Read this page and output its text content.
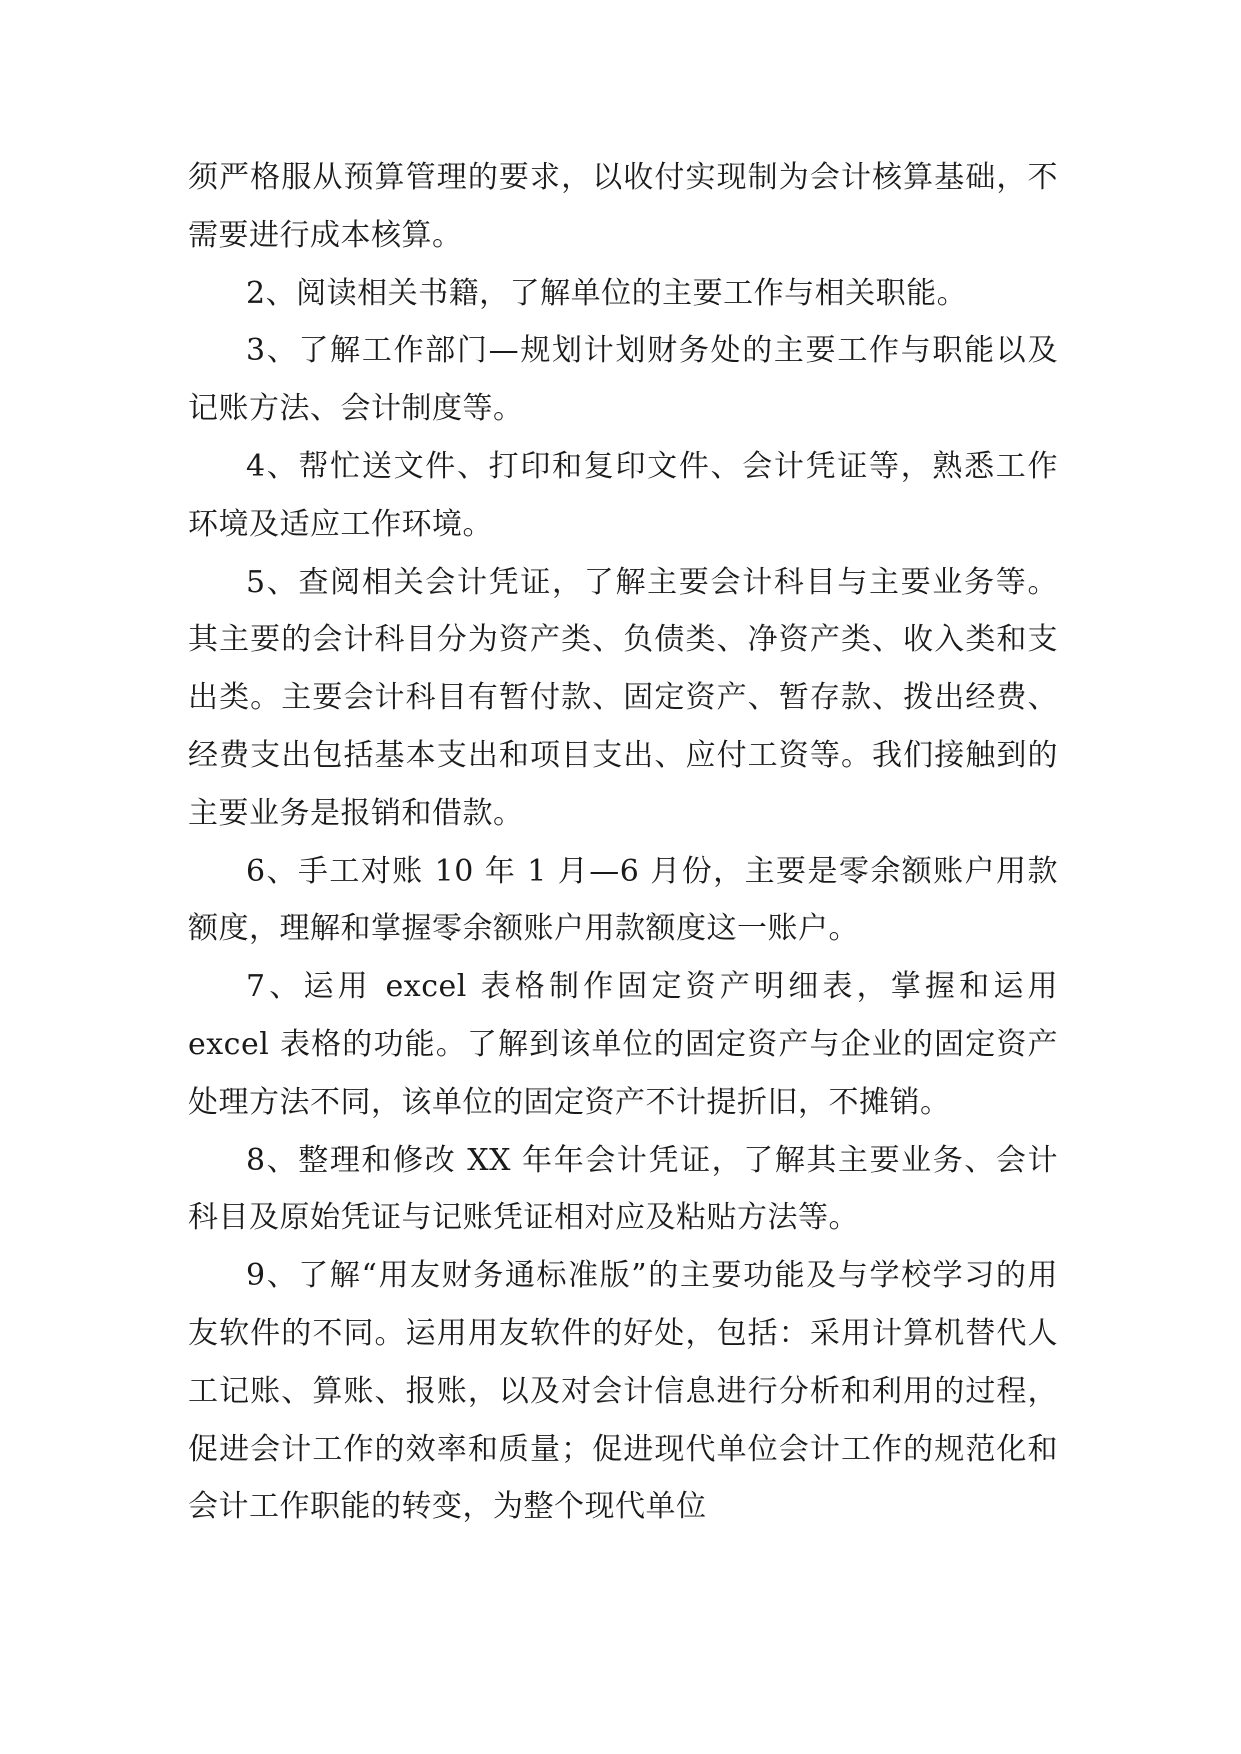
须严格服从预算管理的要求，以收付实现制为会计核算基础，不需要进行成本核算。

2、阅读相关书籍，了解单位的主要工作与相关职能。

3、了解工作部门—规划计划财务处的主要工作与职能以及记账方法、会计制度等。

4、帮忙送文件、打印和复印文件、会计凭证等，熟悉工作环境及适应工作环境。

5、查阅相关会计凭证，了解主要会计科目与主要业务等。其主要的会计科目分为资产类、负债类、净资产类、收入类和支出类。主要会计科目有暂付款、固定资产、暂存款、拨出经费、经费支出包括基本支出和项目支出、应付工资等。我们接触到的主要业务是报销和借款。

6、手工对账 10 年 1 月—6 月份，主要是零余额账户用款额度，理解和掌握零余额账户用款额度这一账户。

7、运用 excel 表格制作固定资产明细表，掌握和运用 excel 表格的功能。了解到该单位的固定资产与企业的固定资产处理方法不同，该单位的固定资产不计提折旧，不摊销。

8、整理和修改 XX 年年会计凭证，了解其主要业务、会计科目及原始凭证与记账凭证相对应及粘贴方法等。

9、了解“用友财务通标准版”的主要功能及与学校学习的用友软件的不同。运用用友软件的好处，包括：采用计算机替代人工记账、算账、报账，以及对会计信息进行分析和利用的过程，促进会计工作的效率和质量；促进现代单位会计工作的规范化和会计工作职能的转变，为整个现代单位
